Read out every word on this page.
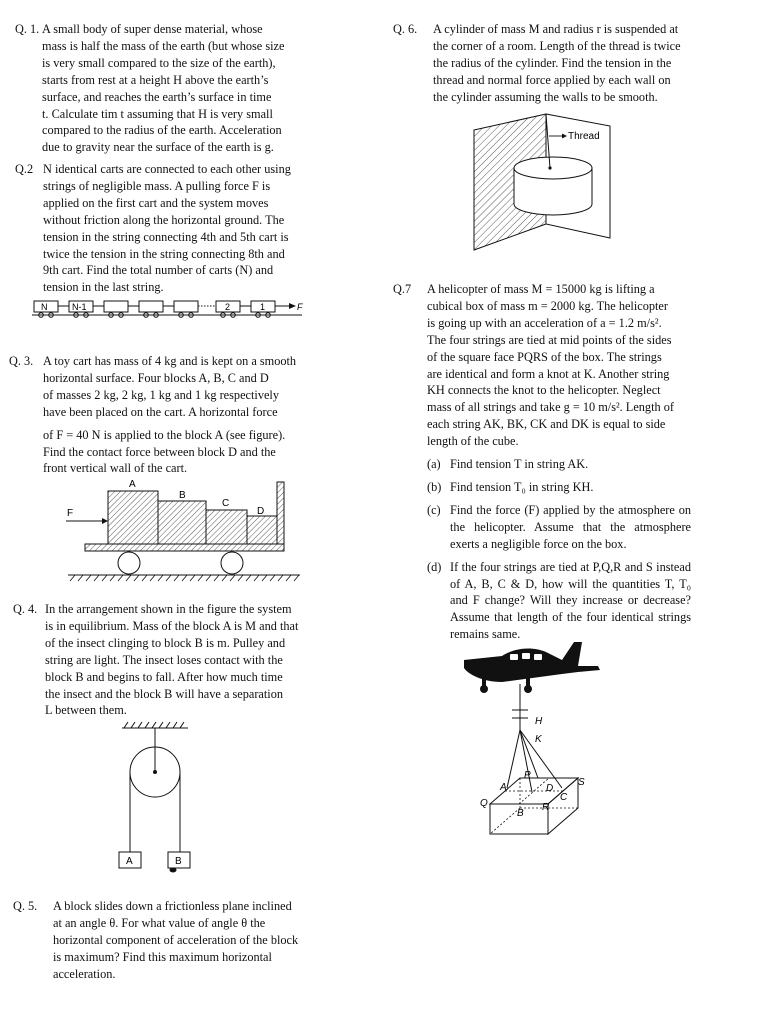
Q. 1. A small body of super dense material, whose

mass is half the mass of the earth (but whose size

is very small compared to the size of the earth),

starts from rest at a height H above the earth’s

surface, and reaches the earth’s surface in time

t. Calculate tim t assuming that H is very small

compared to the radius of the earth. Acceleration

due to gravity near the surface of the earth is g.

Q.2 N identical carts are connected to each other using

strings of negligible mass. A pulling force F is

applied on the first cart and the system moves

without friction along the horizontal ground. The

tension in the string connecting 4th and 5th cart is

twice the tension in the string connecting 8th and

9th cart. Find the total number of carts (N) and

tension in the last string.

N	N-1	2	1	F
Q. 3. A toy cart has mass of 4 kg and is kept on a smooth

horizontal surface. Four blocks A, B, C and D

of masses 2 kg, 2 kg, 1 kg and 1 kg respectively

have been placed on the cart. A horizontal force

of F = 40 N is applied to the block A (see figure).

Find the contact force between block D and the

front vertical wall of the cart.

A
B
C
D
F
Q. 4. In the arrangement shown in the figure the system

is in equilibrium. Mass of the block A is M and that

of the insect clinging to block B is m. Pulley and

string are light. The insect loses contact with the

block B and begins to fall. After how much time

the insect and the block B will have a separation

L between them.

A	B
Q. 5. A block slides down a frictionless plane inclined

at an angle θ. For what value of angle θ the

horizontal component of acceleration of the block

is maximum? Find this maximum horizontal

acceleration.

Q. 6. A cylinder of mass M and radius r is suspended at

the corner of a room. Length of the thread is twice

the radius of the cylinder. Find the tension in the

thread and normal force applied by each wall on

the cylinder assuming the walls to be smooth.

Thread
Q.7 A helicopter of mass M = 15000 kg is lifting a

cubical box of mass m = 2000 kg. The helicopter

is going up with an acceleration of a = 1.2 m/s².

The four strings are tied at mid points of the sides

of the square face PQRS of the box. The strings

are identical and form a knot at K. Another string

KH connects the knot to the helicopter. Neglect

mass of all strings and take g = 10 m/s². Length of

each string AK, BK, CK and DK is equal to side

length of the cube.

(a) Find tension T in string AK.
(b) Find tension T₀ in string KH.
(c) Find the force (F) applied by the atmosphere on the helicopter. Assume that the atmosphere exerts a negligible force on the box.
(d) If the four strings are tied at P,Q,R and S instead of A, B, C & D, how will the quantities T, T₀ and F change? Will they increase or decrease? Assume that length of the four identical strings remains same.
H
K
A
B
C
D
P
Q	R
S
